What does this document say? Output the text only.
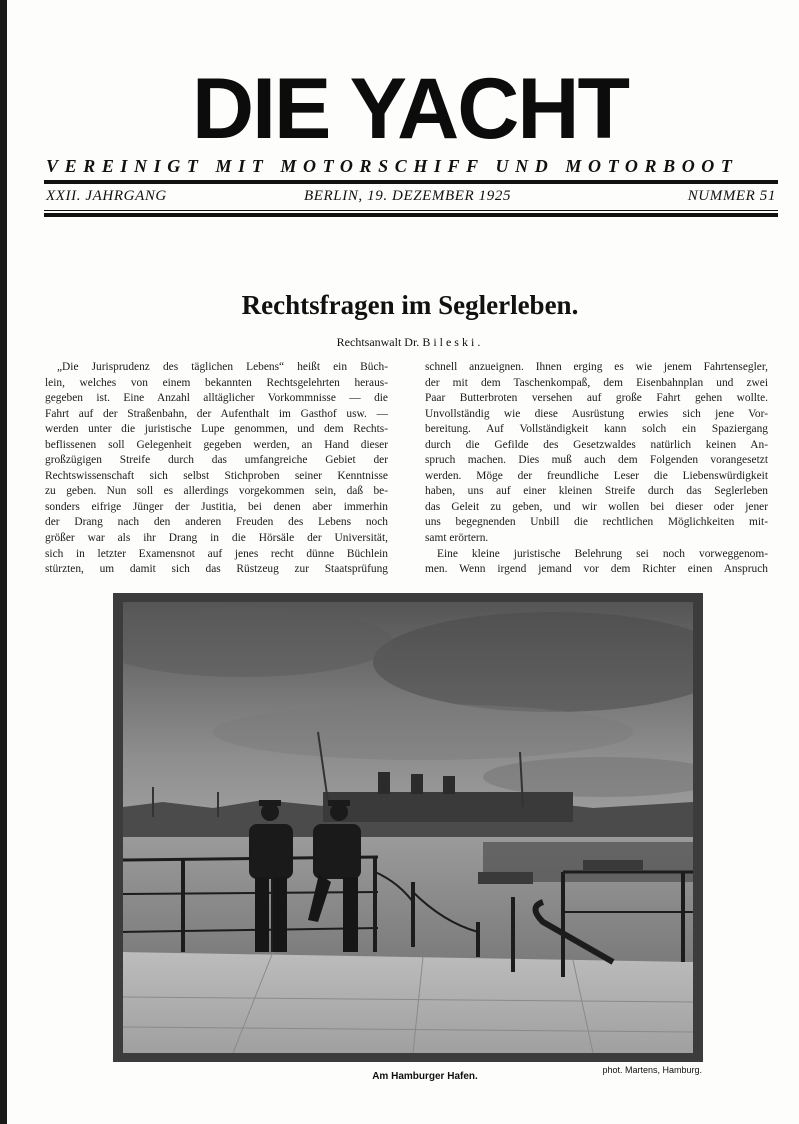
DIE YACHT
VEREINIGT MIT MOTORSCHIFF UND MOTORBOOT
XXII. JAHRGANG	BERLIN, 19. DEZEMBER 1925	NUMMER 51
Rechtsfragen im Seglerleben.
Rechtsanwalt Dr. Bileski.

„Die Jurisprudenz des täglichen Lebens“ heißt ein Büch-

lein, welches von einem bekannten Rechtsgelehrten heraus-

gegeben ist. Eine Anzahl alltäglicher Vorkommnisse — die

Fahrt auf der Straßenbahn, der Aufenthalt im Gasthof usw. —

werden unter die juristische Lupe genommen, und dem Rechts-

beflissenen soll Gelegenheit gegeben werden, an Hand dieser

großzügigen Streife durch das umfangreiche Gebiet der

Rechtswissenschaft sich selbst Stichproben seiner Kenntnisse

zu geben. Nun soll es allerdings vorgekommen sein, daß be-

sonders eifrige Jünger der Justitia, bei denen aber immerhin

der Drang nach den anderen Freuden des Lebens noch

größer war als ihr Drang in die Hörsäle der Universität,

sich in letzter Examensnot auf jenes recht dünne Büchlein

stürzten, um damit sich das Rüstzeug zur Staatsprüfung

schnell anzueignen. Ihnen erging es wie jenem Fahrtensegler,

der mit dem Taschenkompaß, dem Eisenbahnplan und zwei

Paar Butterbroten versehen auf große Fahrt gehen wollte.

Unvollständig wie diese Ausrüstung erwies sich jene Vor-

bereitung. Auf Vollständigkeit kann solch ein Spaziergang

durch die Gefilde des Gesetzwaldes natürlich keinen An-

spruch machen. Dies muß auch dem Folgenden vorangesetzt

werden. Möge der freundliche Leser die Liebenswürdigkeit

haben, uns auf einer kleinen Streife durch das Seglerleben

das Geleit zu geben, und wir wollen bei dieser oder jener

uns begegnenden Unbill die rechtlichen Möglichkeiten mit-

samt erörtern.

Eine kleine juristische Belehrung sei noch vorweggenom-

men. Wenn irgend jemand vor dem Richter einen Anspruch

Am Hamburger Hafen.
phot. Martens, Hamburg.
